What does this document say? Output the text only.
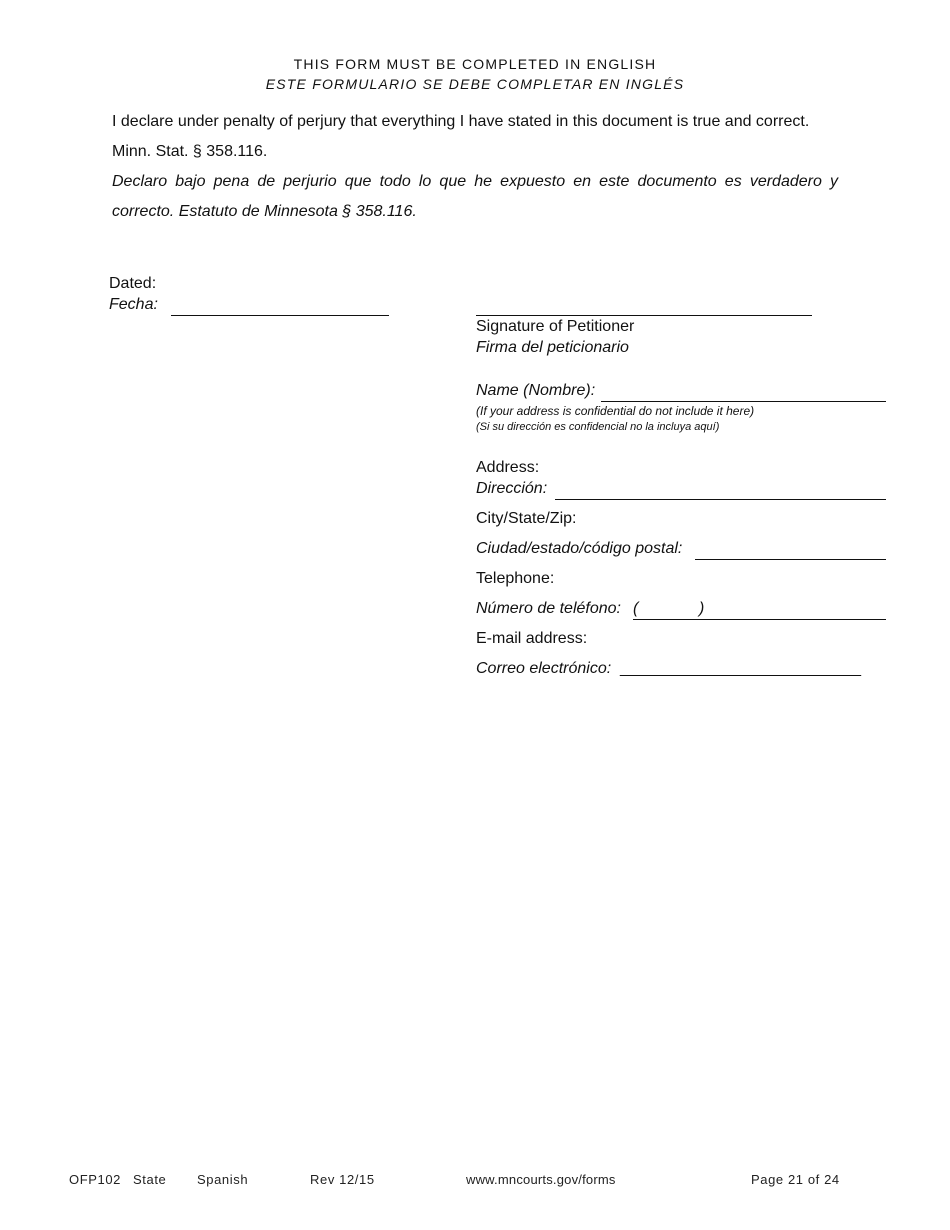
THIS FORM MUST BE COMPLETED IN ENGLISH
ESTE FORMULARIO SE DEBE COMPLETAR EN INGLÉS
I declare under penalty of perjury that everything I have stated in this document is true and correct.
Minn. Stat. § 358.116.
Declaro bajo pena de perjurio que todo lo que he expuesto en este documento es verdadero y correcto. Estatuto de Minnesota § 358.116.
Dated:
Fecha:
Signature of Petitioner
Firma del peticionario
Name (Nombre):
(If your address is confidential do not include it here)
(Si su dirección es confidencial no la incluya aquí)
Address:
Dirección:
City/State/Zip:
Ciudad/estado/código postal:
Telephone:
Número de teléfono: (	)
E-mail address:
Correo electrónico: ____________________________
OFP102 State Spanish	Rev 12/15	www.mncourts.gov/forms	Page 21 of 24
